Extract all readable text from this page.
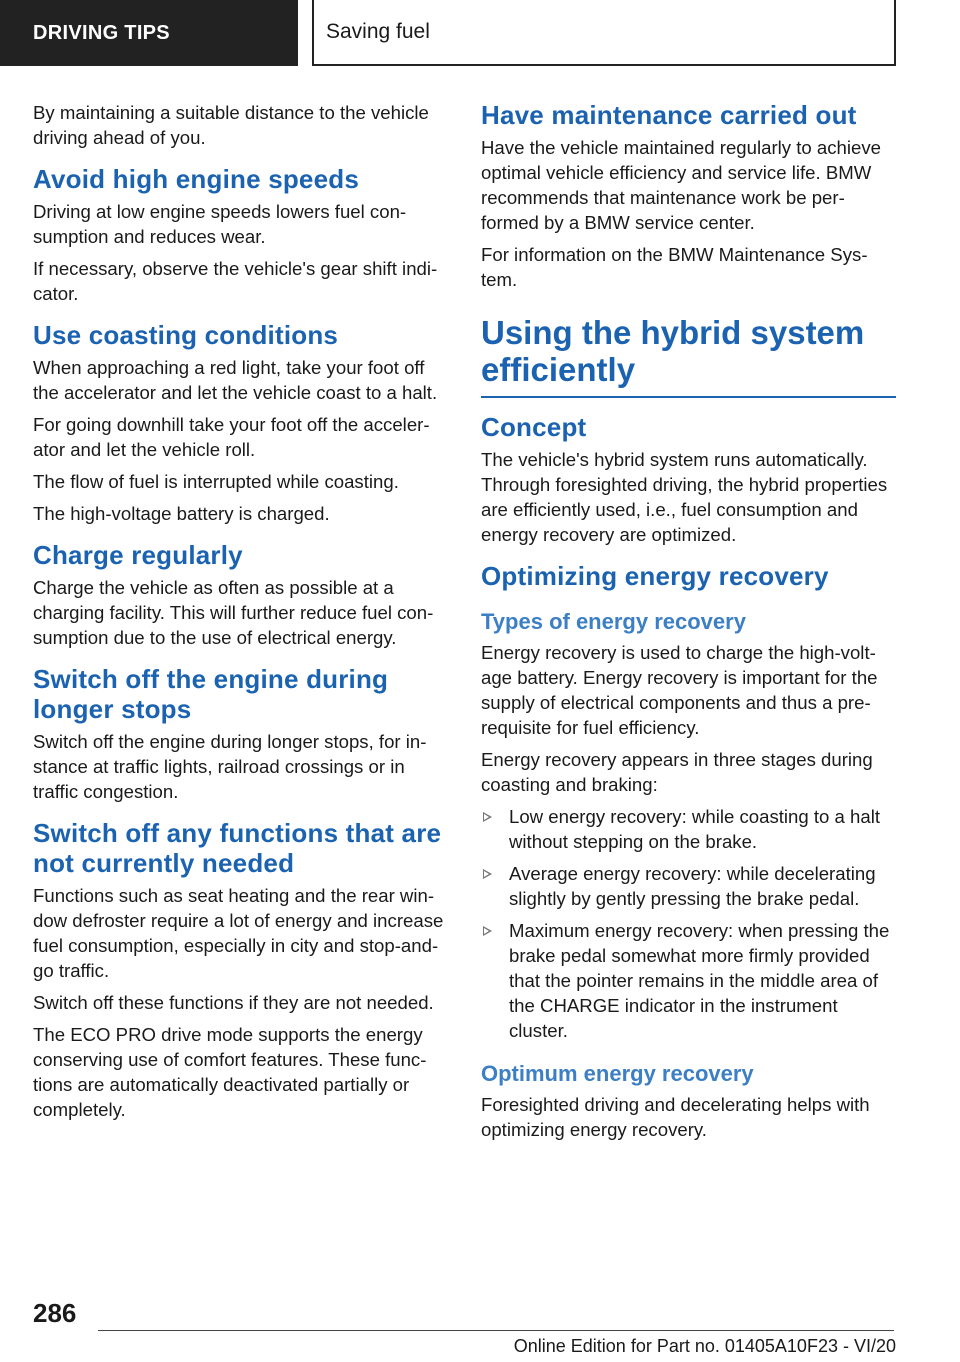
DRIVING TIPS	Saving fuel

By maintaining a suitable distance to the vehicle driving ahead of you.

Avoid high engine speeds

Driving at low engine speeds lowers fuel consumption and reduces wear.

If necessary, observe the vehicle's gear shift indicator.

Use coasting conditions

When approaching a red light, take your foot off the accelerator and let the vehicle coast to a halt.

For going downhill take your foot off the accelerator and let the vehicle roll.

The flow of fuel is interrupted while coasting.

The high-voltage battery is charged.

Charge regularly

Charge the vehicle as often as possible at a charging facility. This will further reduce fuel consumption due to the use of electrical energy.

Switch off the engine during longer stops

Switch off the engine during longer stops, for instance at traffic lights, railroad crossings or in traffic congestion.

Switch off any functions that are not currently needed

Functions such as seat heating and the rear window defroster require a lot of energy and increase fuel consumption, especially in city and stop-and-go traffic.

Switch off these functions if they are not needed.

The ECO PRO drive mode supports the energy conserving use of comfort features. These functions are automatically deactivated partially or completely.

Have maintenance carried out

Have the vehicle maintained regularly to achieve optimal vehicle efficiency and service life. BMW recommends that maintenance work be performed by a BMW service center.

For information on the BMW Maintenance System.

Using the hybrid system efficiently
Concept

The vehicle's hybrid system runs automatically. Through foresighted driving, the hybrid properties are efficiently used, i.e., fuel consumption and energy recovery are optimized.

Optimizing energy recovery
Types of energy recovery

Energy recovery is used to charge the high-voltage battery. Energy recovery is important for the supply of electrical components and thus a prerequisite for fuel efficiency.

Energy recovery appears in three stages during coasting and braking:

Low energy recovery: while coasting to a halt without stepping on the brake.
Average energy recovery: while decelerating slightly by gently pressing the brake pedal.
Maximum energy recovery: when pressing the brake pedal somewhat more firmly provided that the pointer remains in the middle area of the CHARGE indicator in the instrument cluster.
Optimum energy recovery

Foresighted driving and decelerating helps with optimizing energy recovery.

286
Online Edition for Part no. 01405A10F23 - VI/20
